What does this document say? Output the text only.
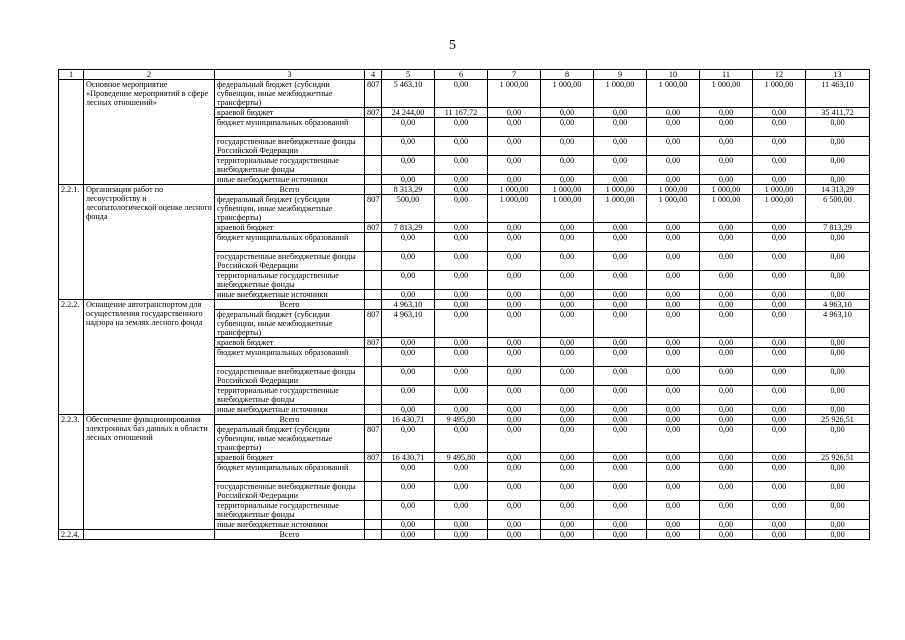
5
1	2	3	4	5	6	7	8	9	10	11	12	13
	Основное мероприятие «Проведение мероприятий в сфере лесных отношений»	федеральный бюджет (субсидии субвенции, иные межбюджетные трансферты)	807	5 463,10	0,00	1 000,00	1 000,00	1 000,00	1 000,00	1 000,00	1 000,00	11 463,10
		краевой бюджет	807	24 244,00	11 167,72	0,00	0,00	0,00	0,00	0,00	0,00	35 411,72
		бюджет муниципальных образований		0,00	0,00	0,00	0,00	0,00	0,00	0,00	0,00	0,00
		государственные внебюджетные фонды Российской Федерации		0,00	0,00	0,00	0,00	0,00	0,00	0,00	0,00	0,00
		территориальные государственные внебюджетные фонды		0,00	0,00	0,00	0,00	0,00	0,00	0,00	0,00	0,00
		иные внебюджетные источники		0,00	0,00	0,00	0,00	0,00	0,00	0,00	0,00	0,00
2.2.1.	Организация работ по лесоустройству и лесопатологической оценке лесного фонда	Всего		8 313,29	0,00	1 000,00	1 000,00	1 000,00	1 000,00	1 000,00	1 000,00	14 313,29
		федеральный бюджет (субсидии субвенции, иные межбюджетные трансферты)	807	500,00	0,00	1 000,00	1 000,00	1 000,00	1 000,00	1 000,00	1 000,00	6 500,00
		краевой бюджет	807	7 813,29	0,00	0,00	0,00	0,00	0,00	0,00	0,00	7 813,29
		бюджет муниципальных образований		0,00	0,00	0,00	0,00	0,00	0,00	0,00	0,00	0,00
		государственные внебюджетные фонды Российской Федерации		0,00	0,00	0,00	0,00	0,00	0,00	0,00	0,00	0,00
		территориальные государственные внебюджетные фонды		0,00	0,00	0,00	0,00	0,00	0,00	0,00	0,00	0,00
		иные внебюджетные источники		0,00	0,00	0,00	0,00	0,00	0,00	0,00	0,00	0,00
2.2.2.	Оснащение автотранспортом для осуществления государственного надзора на землях лесного фонда	Всего		4 963,10	0,00	0,00	0,00	0,00	0,00	0,00	0,00	4 963,10
		федеральный бюджет (субсидии субвенции, иные межбюджетные трансферты)	807	4 963,10	0,00	0,00	0,00	0,00	0,00	0,00	0,00	4 963,10
		краевой бюджет	807	0,00	0,00	0,00	0,00	0,00	0,00	0,00	0,00	0,00
		бюджет муниципальных образований		0,00	0,00	0,00	0,00	0,00	0,00	0,00	0,00	0,00
		государственные внебюджетные фонды Российской Федерации		0,00	0,00	0,00	0,00	0,00	0,00	0,00	0,00	0,00
		территориальные государственные внебюджетные фонды		0,00	0,00	0,00	0,00	0,00	0,00	0,00	0,00	0,00
		иные внебюджетные источники		0,00	0,00	0,00	0,00	0,00	0,00	0,00	0,00	0,00
2.2.3.	Обеспечение функционирования электронных баз данных в области лесных отношений	Всего		16 430,71	9 495,80	0,00	0,00	0,00	0,00	0,00	0,00	25 926,51
		федеральный бюджет (субсидии субвенции, иные межбюджетные трансферты)	807	0,00	0,00	0,00	0,00	0,00	0,00	0,00	0,00	0,00
		краевой бюджет	807	16 430,71	9 495,80	0,00	0,00	0,00	0,00	0,00	0,00	25 926,51
		бюджет муниципальных образований		0,00	0,00	0,00	0,00	0,00	0,00	0,00	0,00	0,00
		государственные внебюджетные фонды Российской Федерации		0,00	0,00	0,00	0,00	0,00	0,00	0,00	0,00	0,00
		территориальные государственные внебюджетные фонды		0,00	0,00	0,00	0,00	0,00	0,00	0,00	0,00	0,00
		иные внебюджетные источники		0,00	0,00	0,00	0,00	0,00	0,00	0,00	0,00	0,00
2.2.4.		Всего		0,00	0,00	0,00	0,00	0,00	0,00	0,00	0,00	0,00
